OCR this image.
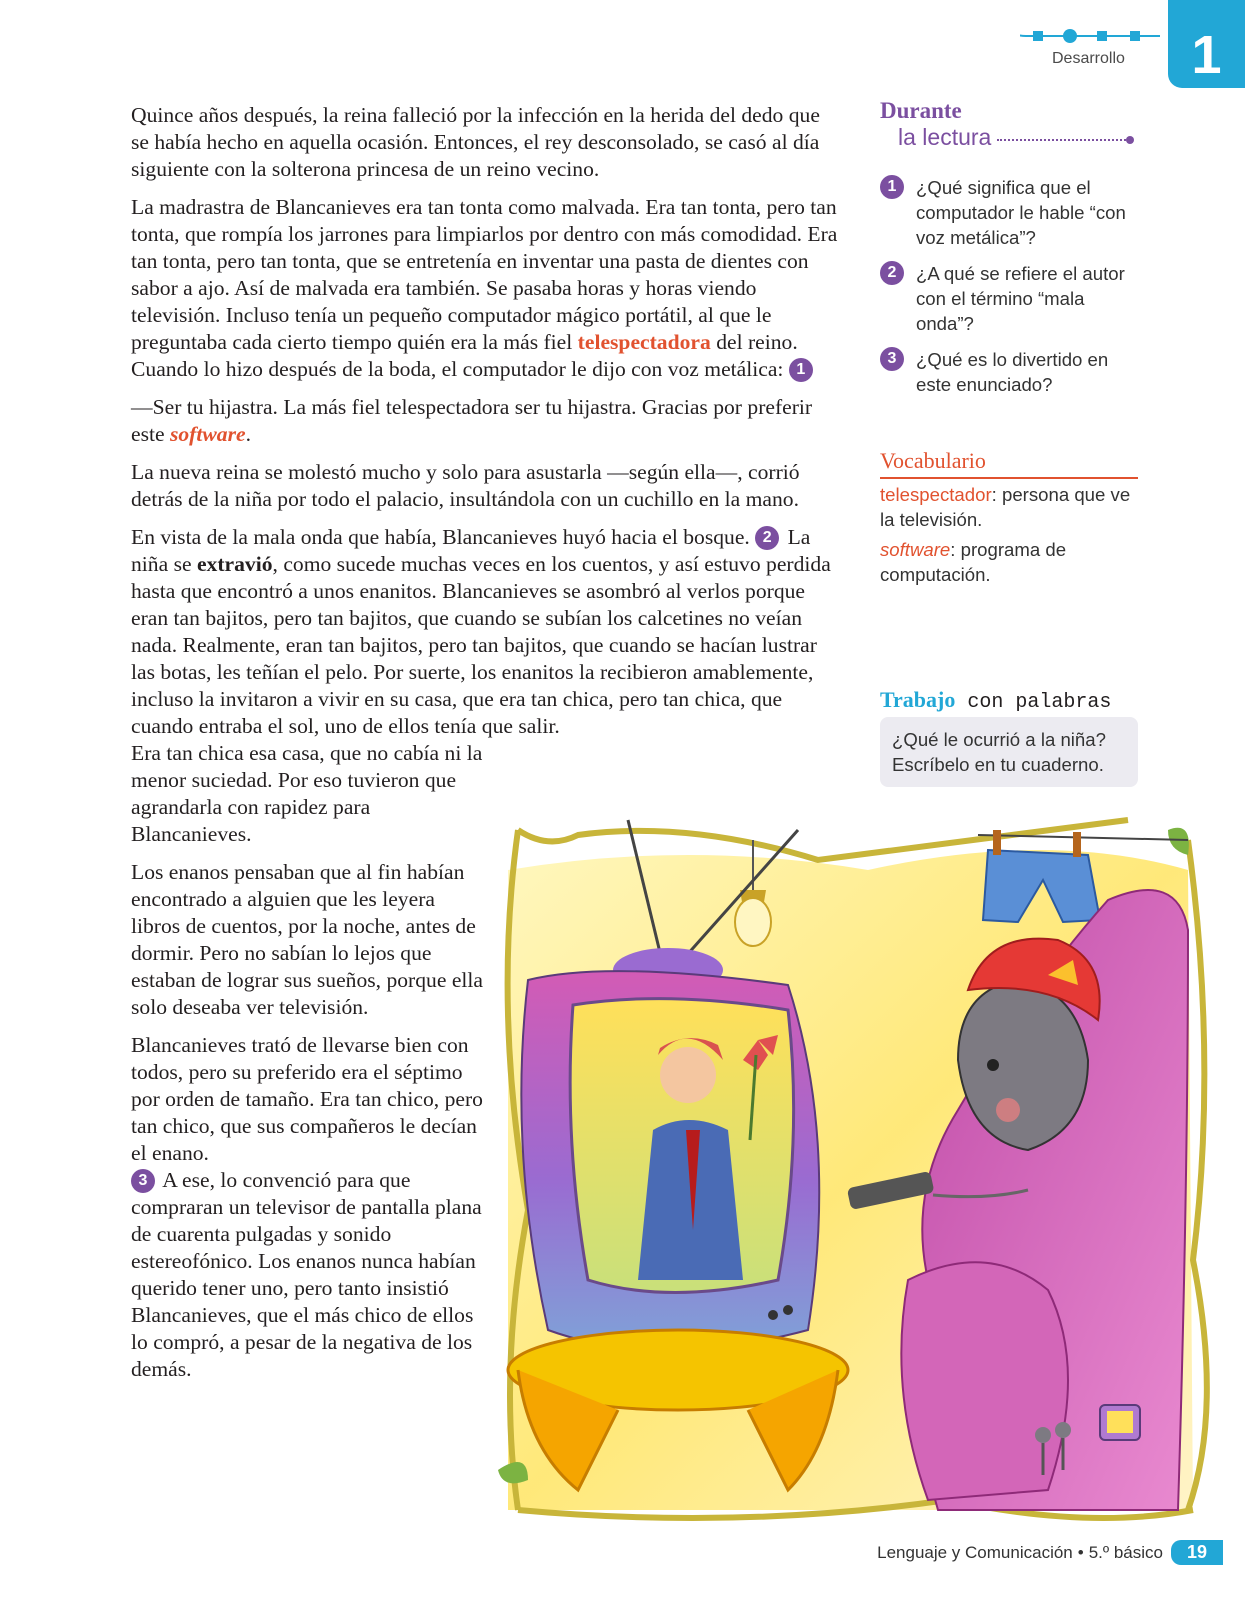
Desarrollo	1

Quince años después, la reina falleció por la infección en la herida del dedo que se había hecho en aquella ocasión. Entonces, el rey desconsolado, se casó al día siguiente con la solterona princesa de un reino vecino.

La madrastra de Blancanieves era tan tonta como malvada. Era tan tonta, pero tan tonta, que rompía los jarrones para limpiarlos por dentro con más comodidad. Era tan tonta, pero tan tonta, que se entretenía en inventar una pasta de dientes con sabor a ajo. Así de malvada era también. Se pasaba horas y horas viendo televisión. Incluso tenía un pequeño computador mágico portátil, al que le preguntaba cada cierto tiempo quién era la más fiel telespectadora del reino. Cuando lo hizo después de la boda, el computador le dijo con voz metálica: 1

—Ser tu hijastra. La más fiel telespectadora ser tu hijastra. Gracias por preferir este software.

La nueva reina se molestó mucho y solo para asustarla —según ella—, corrió detrás de la niña por todo el palacio, insultándola con un cuchillo en la mano.

En vista de la mala onda que había, Blancanieves huyó hacia el bosque. 2 La niña se extravió, como sucede muchas veces en los cuentos, y así estuvo perdida hasta que encontró a unos enanitos. Blancanieves se asombró al verlos porque eran tan bajitos, pero tan bajitos, que cuando se subían los calcetines no veían nada. Realmente, eran tan bajitos, pero tan bajitos, que cuando se hacían lustrar las botas, les teñían el pelo. Por suerte, los enanitos la recibieron amablemente, incluso la invitaron a vivir en su casa, que era tan chica, pero tan chica, que cuando entraba el sol, uno de ellos tenía que salir.

Era tan chica esa casa, que no cabía ni la menor suciedad. Por eso tuvieron que agrandarla con rapidez para Blancanieves.

Los enanos pensaban que al fin habían encontrado a alguien que les leyera libros de cuentos, por la noche, antes de dormir. Pero no sabían lo lejos que estaban de lograr sus sueños, porque ella solo deseaba ver televisión.

Blancanieves trató de llevarse bien con todos, pero su preferido era el séptimo por orden de tamaño. Era tan chico, pero tan chico, que sus compañeros le decían el enano.
3 A ese, lo convenció para que compraran un televisor de pantalla plana de cuarenta pulgadas y sonido estereofónico. Los enanos nunca habían querido tener uno, pero tanto insistió Blancanieves, que el más chico de ellos lo compró, a pesar de la negativa de los demás.

Durante
la lectura
1	¿Qué significa que el computador le hable “con voz metálica”?
2	¿A qué se refiere el autor con el término “mala onda”?
3	¿Qué es lo divertido en este enunciado?
Vocabulario
telespectador: persona que ve la televisión.
software: programa de computación.
Trabajo con palabras
¿Qué le ocurrió a la niña? Escríbelo en tu cuaderno.
Lenguaje y Comunicación • 5.º básico	19
